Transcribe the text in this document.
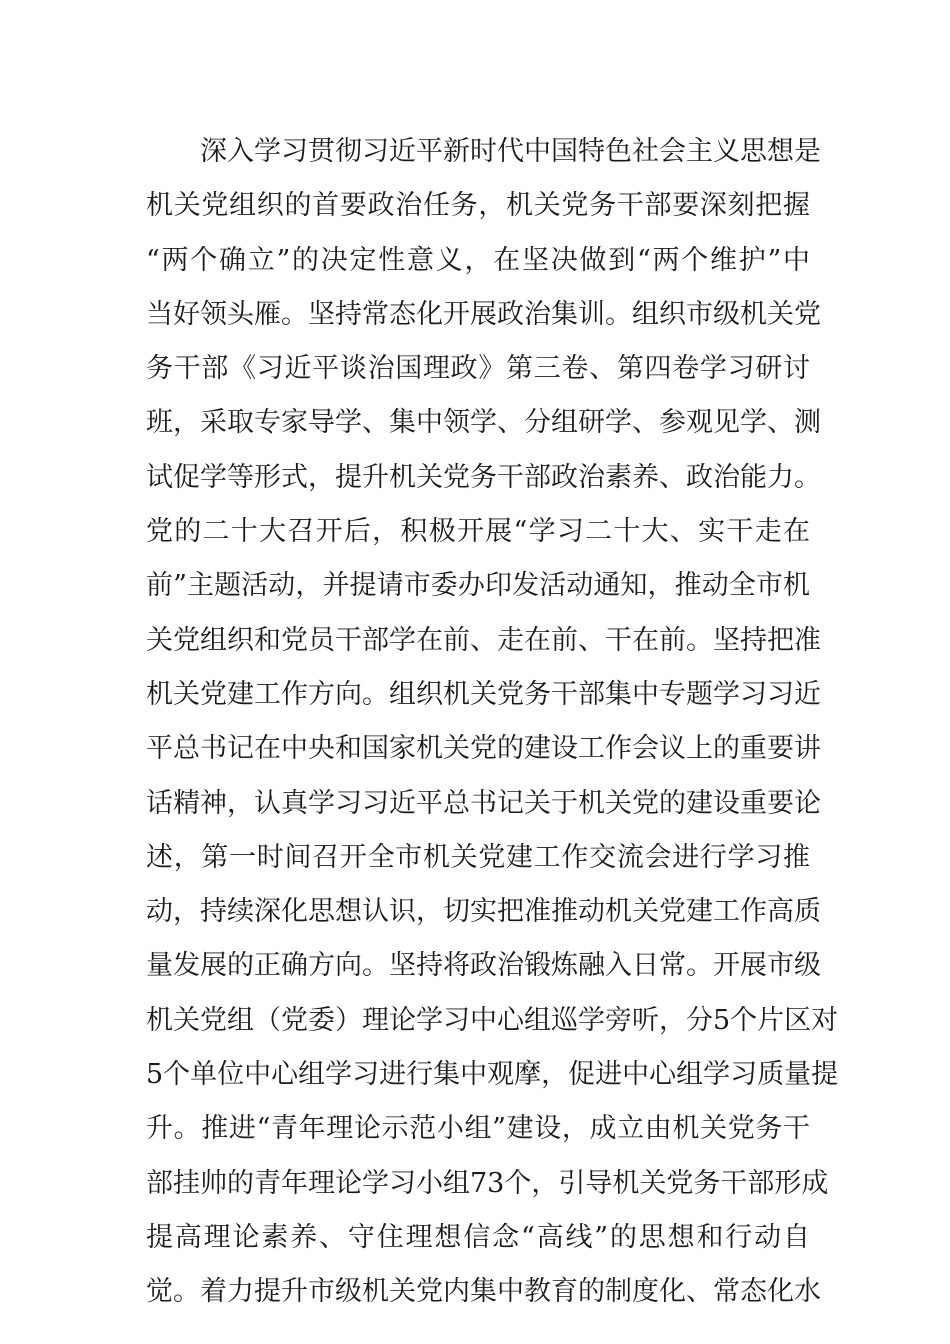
深入学习贯彻习近平新时代中国特色社会主义思想是
机关党组织的首要政治任务，机关党务干部要深刻把握
“两个确立”的决定性意义，在坚决做到“两个维护”中
当好领头雁。坚持常态化开展政治集训。组织市级机关党
务干部《习近平谈治国理政》第三卷、第四卷学习研讨
班，采取专家导学、集中领学、分组研学、参观见学、测
试促学等形式，提升机关党务干部政治素养、政治能力。
党的二十大召开后，积极开展“学习二十大、实干走在
前”主题活动，并提请市委办印发活动通知，推动全市机
关党组织和党员干部学在前、走在前、干在前。坚持把准
机关党建工作方向。组织机关党务干部集中专题学习习近
平总书记在中央和国家机关党的建设工作会议上的重要讲
话精神，认真学习习近平总书记关于机关党的建设重要论
述，第一时间召开全市机关党建工作交流会进行学习推
动，持续深化思想认识，切实把准推动机关党建工作高质
量发展的正确方向。坚持将政治锻炼融入日常。开展市级
机关党组（党委）理论学习中心组巡学旁听，分5个片区对
5个单位中心组学习进行集中观摩，促进中心组学习质量提
升。推进“青年理论示范小组”建设，成立由机关党务干
部挂帅的青年理论学习小组73个，引导机关党务干部形成
提高理论素养、守住理想信念“高线”的思想和行动自
觉。着力提升市级机关党内集中教育的制度化、常态化水
